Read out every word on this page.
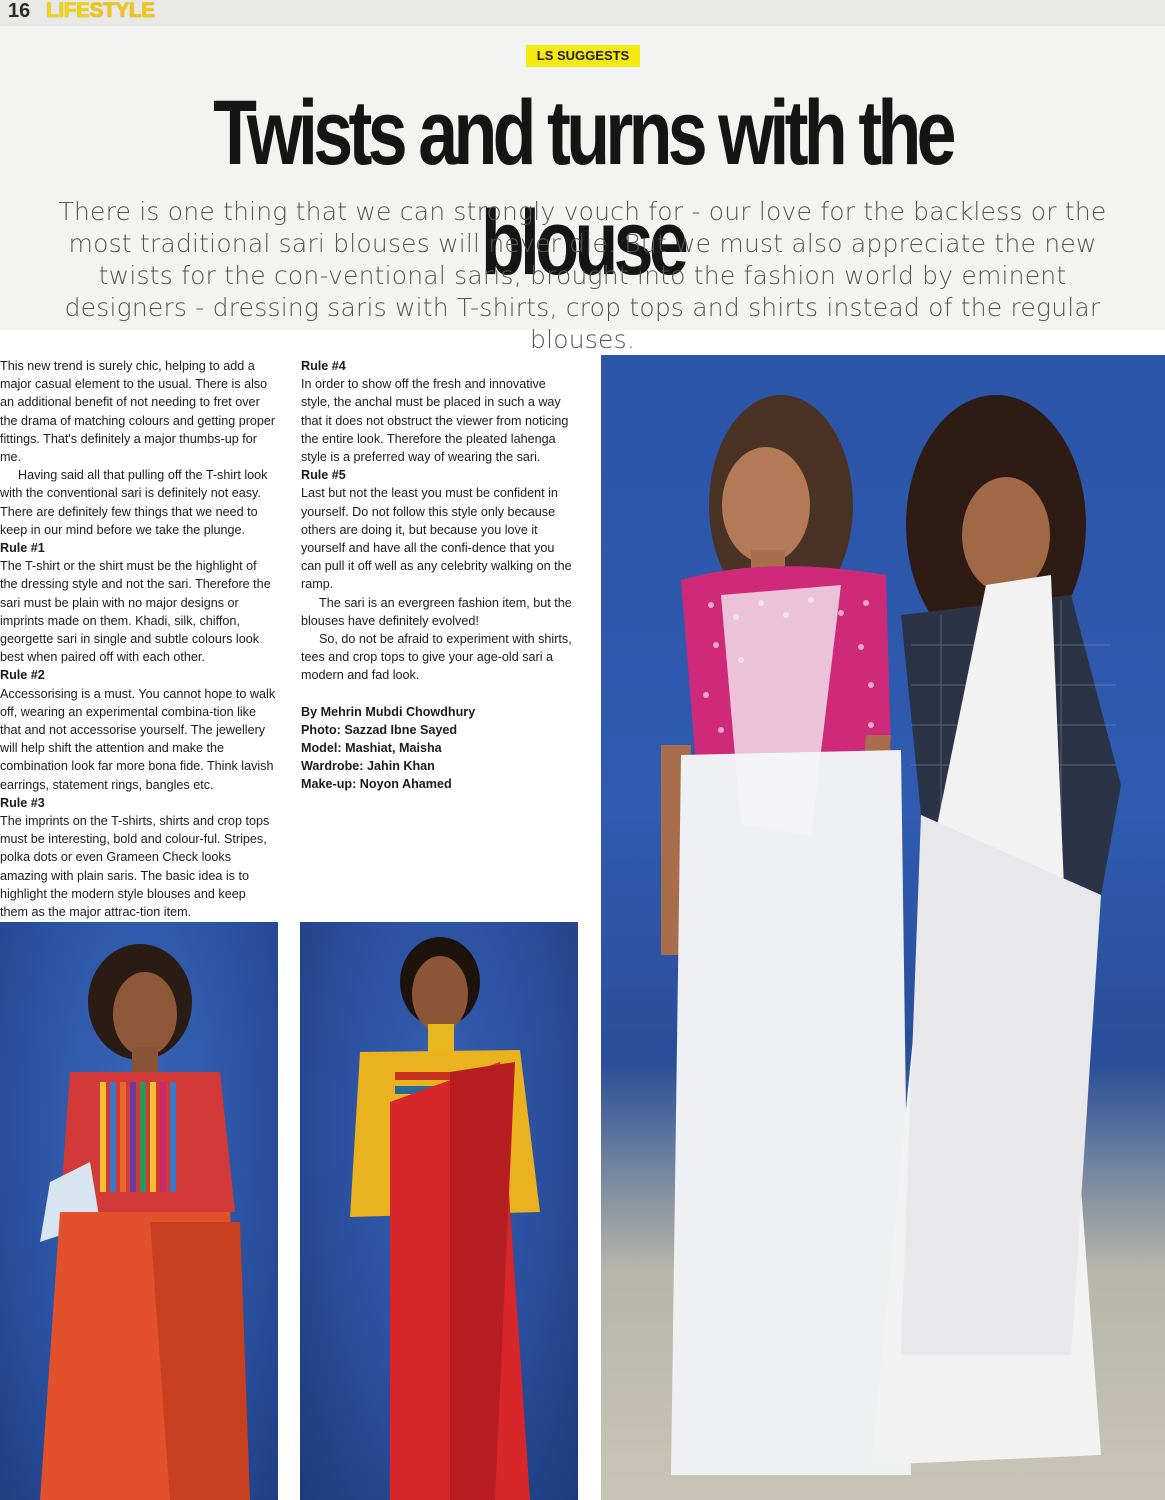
16 LIFESTYLE
LS SUGGESTS
Twists and turns with the blouse
There is one thing that we can strongly vouch for - our love for the backless or the most traditional sari blouses will never die. But we must also appreciate the new twists for the con-ventional saris, brought into the fashion world by eminent designers - dressing saris with T-shirts, crop tops and shirts instead of the regular blouses.

This new trend is surely chic, helping to add a major casual element to the usual. There is also an additional benefit of not needing to fret over the drama of matching colours and getting proper fittings. That's definitely a major thumbs-up for me.

Having said all that pulling off the T-shirt look with the conventional sari is definitely not easy. There are definitely few things that we need to keep in our mind before we take the plunge.

Rule #1

The T-shirt or the shirt must be the highlight of the dressing style and not the sari. Therefore the sari must be plain with no major designs or imprints made on them. Khadi, silk, chiffon, georgette sari in single and subtle colours look best when paired off with each other.

Rule #2

Accessorising is a must. You cannot hope to walk off, wearing an experimental combina-tion like that and not accessorise yourself. The jewellery will help shift the attention and make the combination look far more bona fide. Think lavish earrings, statement rings, bangles etc.

Rule #3

The imprints on the T-shirts, shirts and crop tops must be interesting, bold and colour-ful. Stripes, polka dots or even Grameen Check looks amazing with plain saris. The basic idea is to highlight the modern style blouses and keep them as the major attrac-tion item.

Rule #4

In order to show off the fresh and innovative style, the anchal must be placed in such a way that it does not obstruct the viewer from noticing the entire look. Therefore the pleated lahenga style is a preferred way of wearing the sari.

Rule #5

Last but not the least you must be confident in yourself. Do not follow this style only because others are doing it, but because you love it yourself and have all the confi-dence that you can pull it off well as any celebrity walking on the ramp.

The sari is an evergreen fashion item, but the blouses have definitely evolved!

So, do not be afraid to experiment with shirts, tees and crop tops to give your age-old sari a modern and fad look.

By Mehrin Mubdi Chowdhury

Photo: Sazzad Ibne Sayed

Model: Mashiat, Maisha

Wardrobe: Jahin Khan

Make-up: Noyon Ahamed
